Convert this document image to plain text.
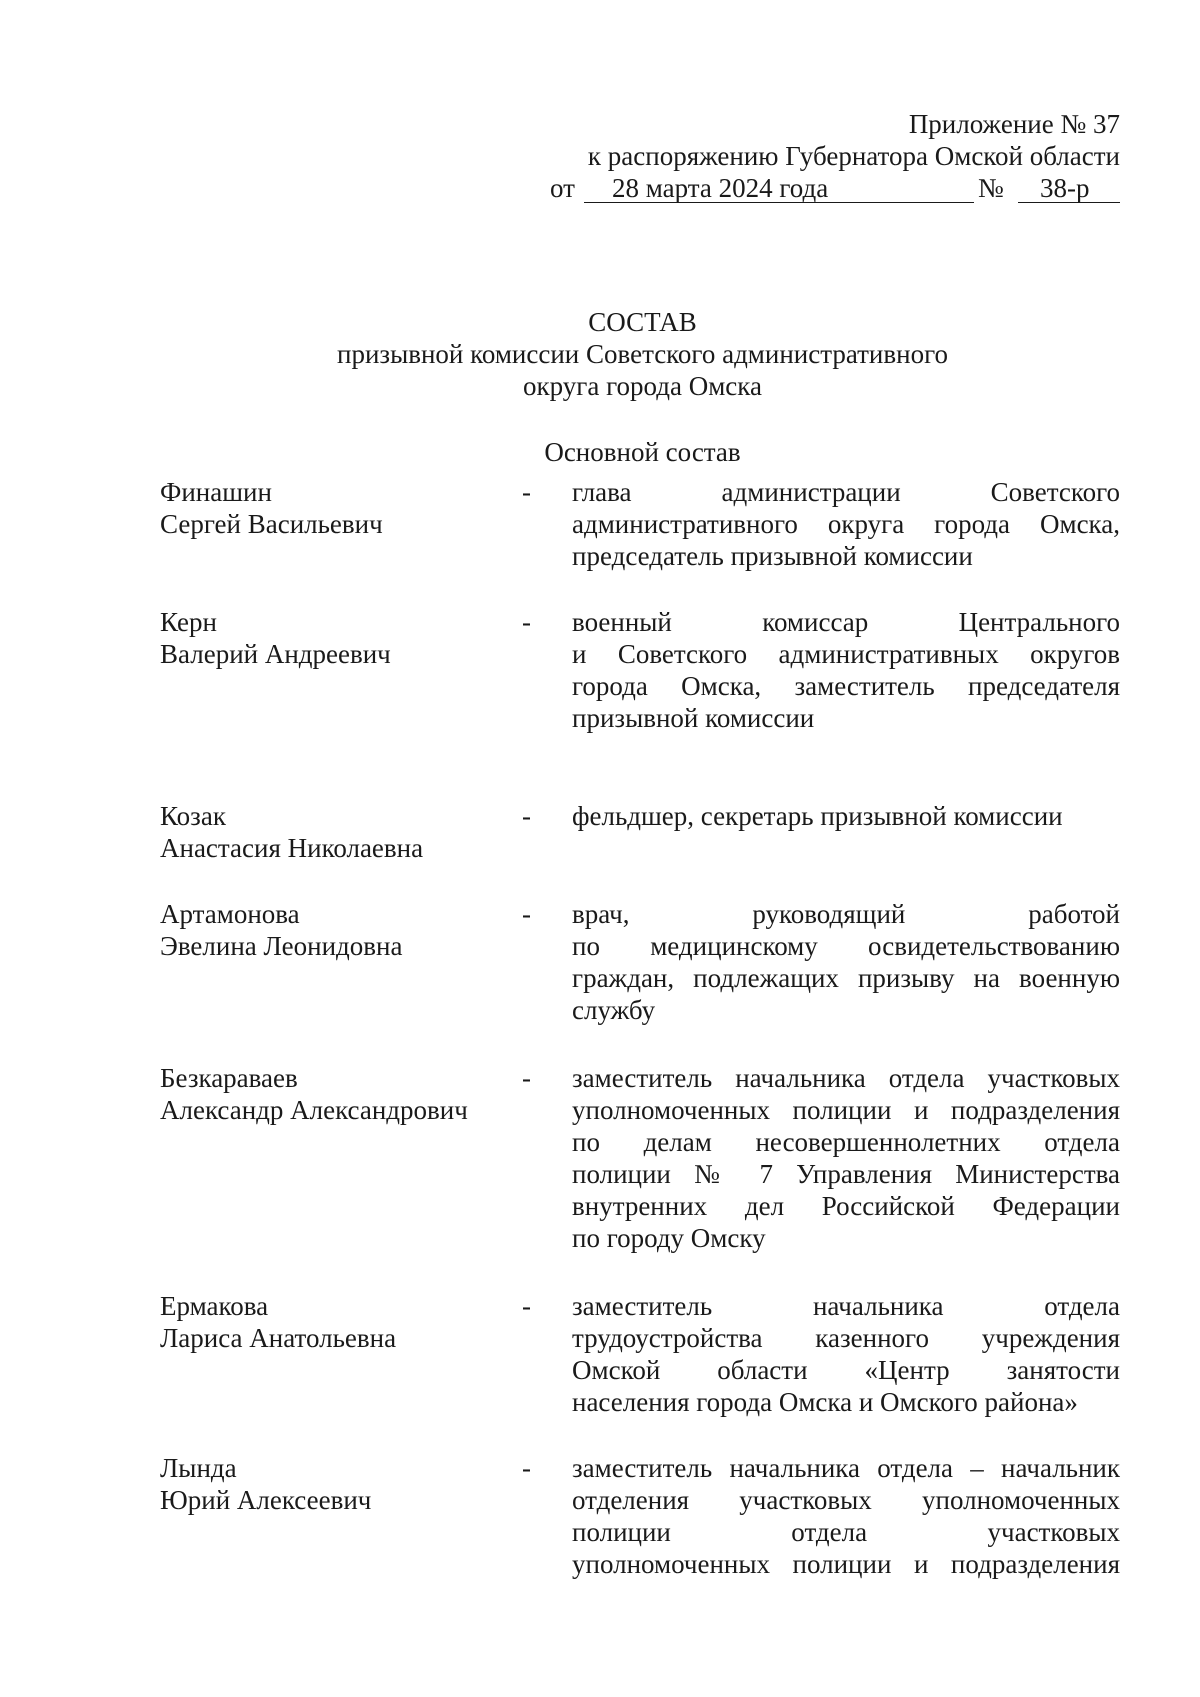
Приложение № 37
к распоряжению Губернатора Омской области
от 28 марта 2024 года	№ 38-р
СОСТАВ
призывной комиссии Советского административного
округа города Омска
Основной состав
Финашин
Сергей Васильевич
- глава администрации Советского
административного округа города Омска,
председатель призывной комиссии
Керн
Валерий Андреевич
- военный комиссар Центрального
и Советского административных округов
города Омска, заместитель председателя
призывной комиссии
Козак
Анастасия Николаевна
- фельдшер, секретарь призывной комиссии
Артамонова
Эвелина Леонидовна
- врач, руководящий работой
по медицинскому освидетельствованию
граждан, подлежащих призыву на военную
службу
Безкараваев
Александр Александрович
- заместитель начальника отдела участковых
уполномоченных полиции и подразделения
по делам несовершеннолетних отдела
полиции № 7 Управления Министерства
внутренних дел Российской Федерации
по городу Омску
Ермакова
Лариса Анатольевна
- заместитель начальника отдела
трудоустройства казенного учреждения
Омской области «Центр занятости
населения города Омска и Омского района»
Лында
Юрий Алексеевич
- заместитель начальника отдела – начальник
отделения участковых уполномоченных
полиции отдела участковых
уполномоченных полиции и подразделения
